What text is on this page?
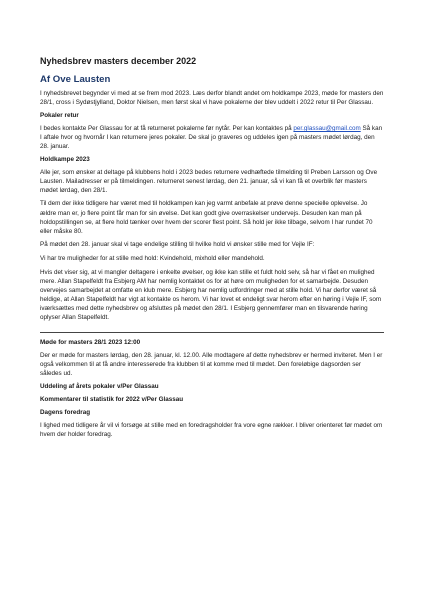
Nyhedsbrev masters december 2022
Af Ove Lausten

I nyhedsbrevet begynder vi med at se frem mod 2023. Læs derfor blandt andet om holdkampe 2023, møde for masters den 28/1, cross i Sydøstjylland, Doktor Nielsen, men først skal vi have pokalerne der blev uddelt i 2022 retur til Per Glassau.

Pokaler retur

I bedes kontakte Per Glassau for at få returneret pokalerne før nytår. Per kan kontaktes på per.glassau@gmail.com Så kan I aftale hvor og hvornår I kan returnere jeres pokaler. De skal jo graveres og uddeles igen på masters mødet lørdag, den 28. januar.

Holdkampe 2023

Alle jer, som ønsker at deltage på klubbens hold i 2023 bedes returnere vedhæftede tilmelding til Preben Larsson og Ove Lausten. Mailadresser er på tilmeldingen. returneret senest lørdag, den 21. januar, så vi kan få et overblik før masters mødet lørdag, den 28/1.

Til dem der ikke tidligere har været med til holdkampen kan jeg varmt anbefale at prøve denne specielle oplevelse. Jo ældre man er, jo flere point får man for sin øvelse. Det kan godt give overraskelser undervejs. Desuden kan man på holdopstillingen se, at flere hold tænker over hvem der scorer flest point. Så hold jer ikke tilbage, selvom I har rundet 70 eller måske 80.

På mødet den 28. januar skal vi tage endelige stilling til hvilke hold vi ønsker stille med for Vejle IF:

Vi har tre muligheder for at stille med hold: Kvindehold, mixhold eller mandehold.

Hvis det viser sig, at vi mangler deltagere i enkelte øvelser, og ikke kan stille et fuldt hold selv, så har vi fået en mulighed mere. Allan Stapelfeldt fra Esbjerg AM har nemlig kontaktet os for at høre om muligheden for et samarbejde. Desuden overvejes samarbejdet at omfatte en klub mere. Esbjerg har nemlig udfordringer med at stille hold. Vi har derfor været så heldige, at Allan Stapelfeldt har vigt at kontakte os herom. Vi har lovet et endeligt svar herom efter en høring i Vejle IF, som iværksættes med dette nyhedsbrev og afsluttes på mødet den 28/1. I Esbjerg gennemfører man en tilsvarende høring oplyser Allan Stapelfeldt.

Møde for masters 28/1 2023 12:00

Der er møde for masters lørdag, den 28. januar, kl. 12.00. Alle modtagere af dette nyhedsbrev er hermed inviteret. Men I er også velkommen til at få andre interesserede fra klubben til at komme med til mødet. Den foreløbige dagsorden ser således ud.

Uddeling af årets pokaler v/Per Glassau
Kommentarer til statistik for 2022 v/Per Glassau
Dagens foredrag

I lighed med tidligere år vil vi forsøge at stille med en foredragsholder fra vore egne rækker. I bliver orienteret før mødet om hvem der holder foredrag.
